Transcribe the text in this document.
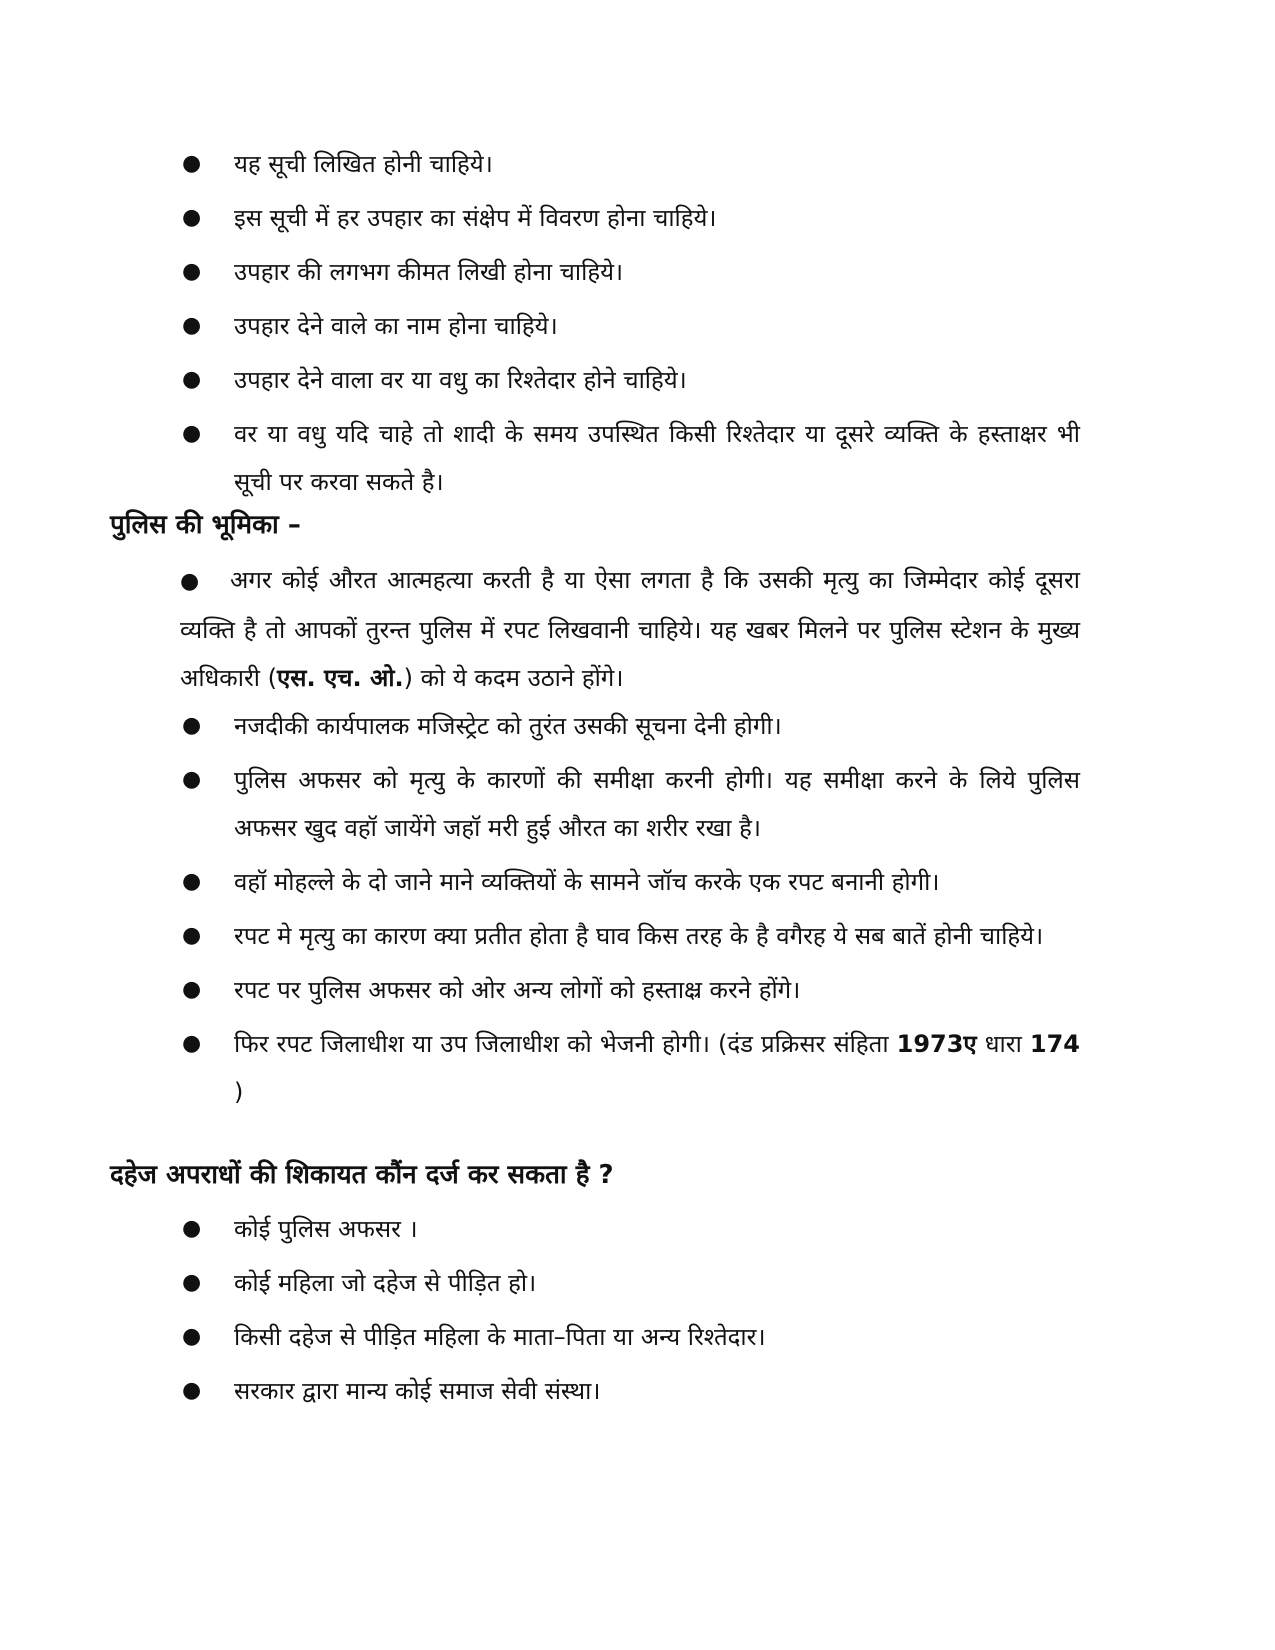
● यह सूची लिखित होनी चाहिये।
● इस सूची में हर उपहार का संक्षेप में विवरण होना चाहिये।
● उपहार की लगभग कीमत लिखी होना चाहिये।
● उपहार देने वाले का नाम होना चाहिये।
● उपहार देने वाला वर या वधु का रिश्तेदार होने चाहिये।
● वर या वधु यदि चाहे तो शादी के समय उपस्थित किसी रिश्तेदार या दूसरे व्यक्ति के हस्ताक्षर भी सूची पर करवा सकते है।
पुलिस की भूमिका –
● अगर कोई औरत आत्महत्या करती है या ऐसा लगता है कि उसकी मृत्यु का जिम्मेदार कोई दूसरा व्यक्ति है तो आपकों तुरन्त पुलिस में रपट लिखवानी चाहिये। यह खबर मिलने पर पुलिस स्टेशन के मुख्य अधिकारी (एस. एच. ओ.) को ये कदम उठाने होंगे।
● नजदीकी कार्यपालक मजिस्ट्रेट को तुरंत उसकी सूचना देनी होगी।
● पुलिस अफसर को मृत्यु के कारणों की समीक्षा करनी होगी। यह समीक्षा करने के लिये पुलिस अफसर खुद वहॉ जायेंगे जहॉ मरी हुई औरत का शरीर रखा है।
● वहॉ मोहल्ले के दो जाने माने व्यक्तियों के सामने जॉच करके एक रपट बनानी होगी।
● रपट मे मृत्यु का कारण क्या प्रतीत होता है घाव किस तरह के है वगैरह ये सब बातें होनी चाहिये।
● रपट पर पुलिस अफसर को ओर अन्य लोगों को हस्ताक्ष्र करने होंगे।
● फिर रपट जिलाधीश या उप जिलाधीश को भेजनी होगी। (दंड प्रक्रिसर संहिता 1973ए धारा 174 )
दहेज अपराधों की शिकायत कौंन दर्ज कर सकता है ?
● कोई पुलिस अफसर ।
● कोई महिला जो दहेज से पीड़ित हो।
● किसी दहेज से पीड़ित महिला के माता–पिता या अन्य रिश्तेदार।
● सरकार द्वारा मान्य कोई समाज सेवी संस्था।
